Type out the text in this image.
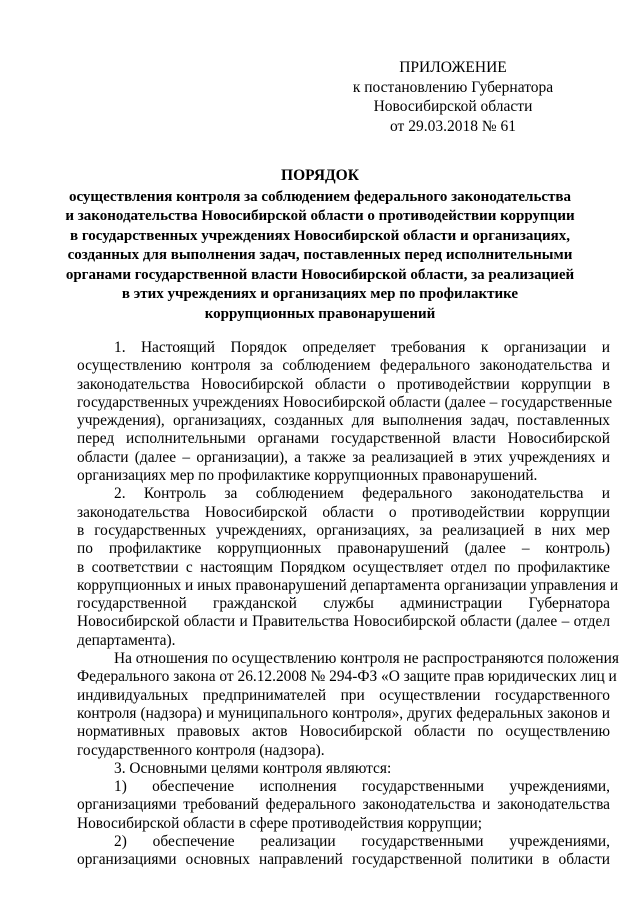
ПРИЛОЖЕНИЕ
к постановлению Губернатора
Новосибирской области
от 29.03.2018 № 61
ПОРЯДОК
осуществления контроля за соблюдением федерального законодательства
и законодательства Новосибирской области о противодействии коррупции
в государственных учреждениях Новосибирской области и организациях,
созданных для выполнения задач, поставленных перед исполнительными
органами государственной власти Новосибирской области, за реализацией
в этих учреждениях и организациях мер по профилактике
коррупционных правонарушений
1. Настоящий Порядок определяет требования к организации и
осуществлению контроля за соблюдением федерального законодательства и
законодательства Новосибирской области о противодействии коррупции в
государственных учреждениях Новосибирской области (далее – государственные
учреждения), организациях, созданных для выполнения задач, поставленных
перед исполнительными органами государственной власти Новосибирской
области (далее – организации), а также за реализацией в этих учреждениях и
организациях мер по профилактике коррупционных правонарушений.
2. Контроль за соблюдением федерального законодательства и
законодательства Новосибирской области о противодействии коррупции
в государственных учреждениях, организациях, за реализацией в них мер
по профилактике коррупционных правонарушений (далее – контроль)
в соответствии с настоящим Порядком осуществляет отдел по профилактике
коррупционных и иных правонарушений департамента организации управления и
государственной гражданской службы администрации Губернатора
Новосибирской области и Правительства Новосибирской области (далее – отдел
департамента).
На отношения по осуществлению контроля не распространяются положения
Федерального закона от 26.12.2008 № 294-ФЗ «О защите прав юридических лиц и
индивидуальных предпринимателей при осуществлении государственного
контроля (надзора) и муниципального контроля», других федеральных законов и
нормативных правовых актов Новосибирской области по осуществлению
государственного контроля (надзора).
3. Основными целями контроля являются:
1) обеспечение исполнения государственными учреждениями,
организациями требований федерального законодательства и законодательства
Новосибирской области в сфере противодействия коррупции;
2) обеспечение реализации государственными учреждениями,
организациями основных направлений государственной политики в области
